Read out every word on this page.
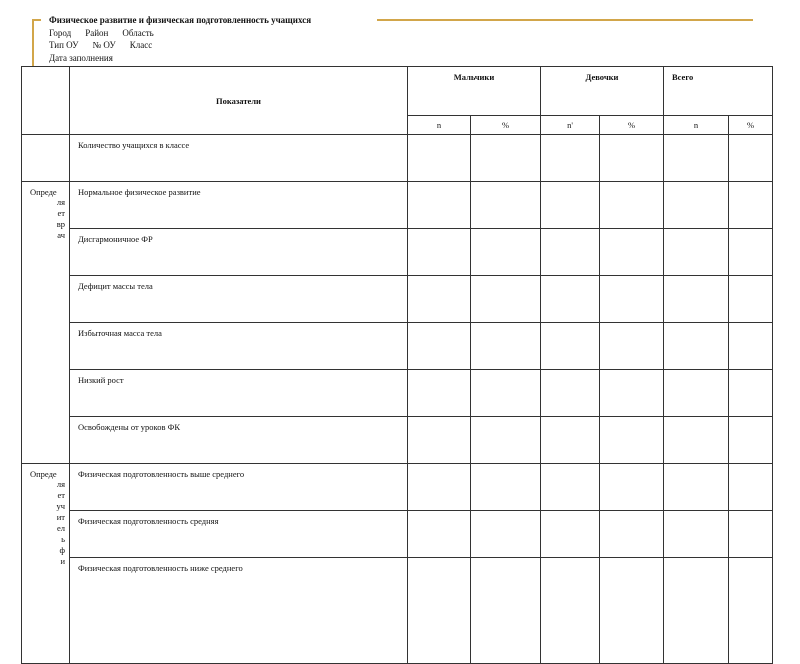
Физическое развитие и физическая подготовленность учащихся
Город Район Область
Тип ОУ № ОУ Класс
Дата заполнения
	Показатели	Мальчики		Девочки		Всего	
		n	%	n'	%	n	%
	Количество учащихся в классе						

Опреде
ляетврач	Нормальное физическое развитие						
	Дисгармоничное ФР						
	Дефицит массы тела						
	Избыточная масса тела						
	Низкий рост						
	Освобождены от уроков ФК						

Опреде
ляетучительфи	Физическая подготовленность выше среднего						
	Физическая подготовленность средняя						
	Физическая подготовленность ниже среднего						
